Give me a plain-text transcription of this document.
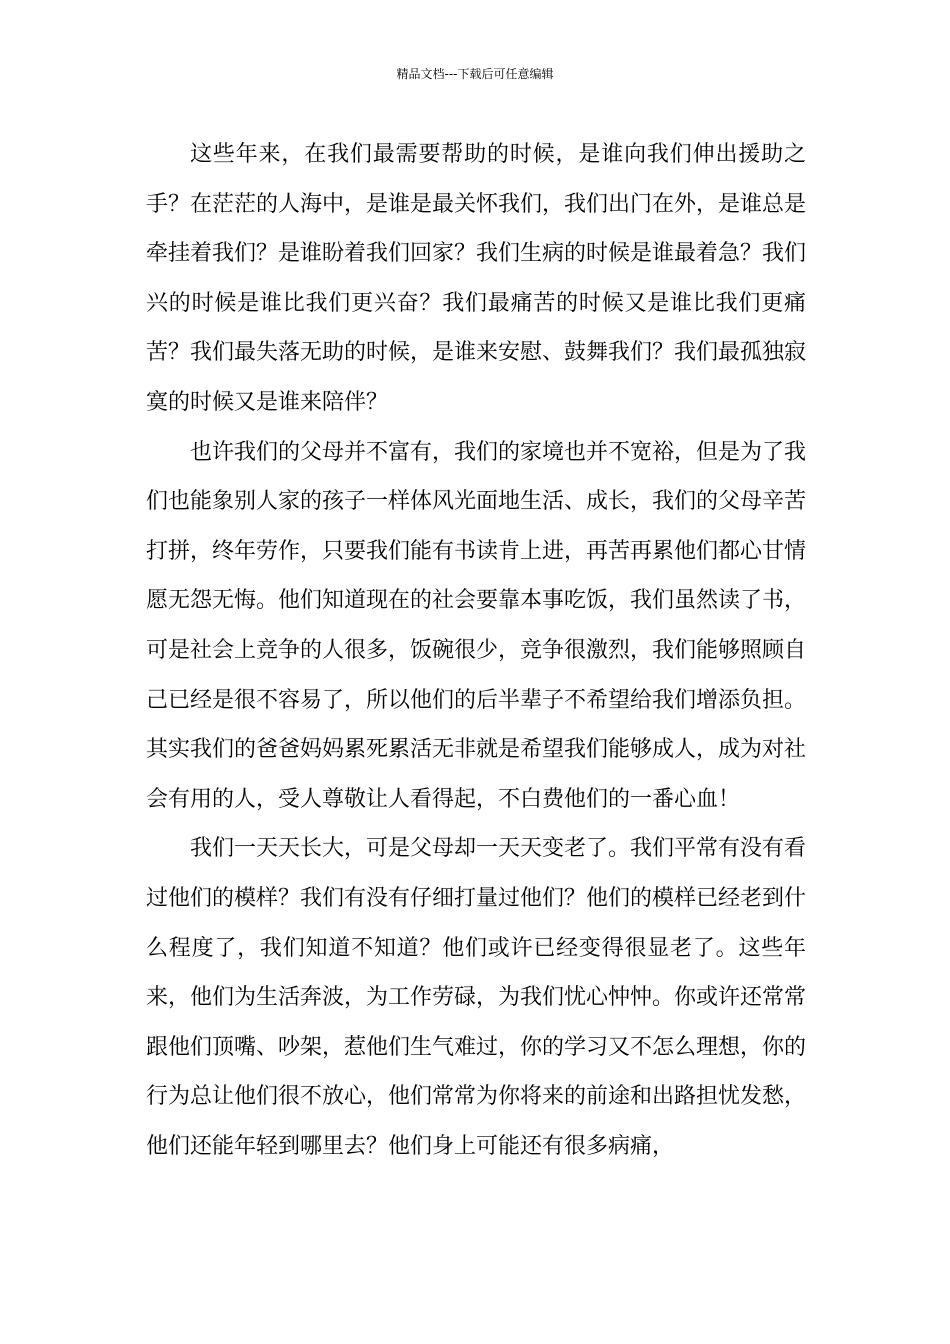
精品文档---下载后可任意编辑

这些年来，在我们最需要帮助的时候，是谁向我们伸出援助之手？在茫茫的人海中，是谁是最关怀我们，我们出门在外，是谁总是牵挂着我们？是谁盼着我们回家？我们生病的时候是谁最着急？我们兴的时候是谁比我们更兴奋？我们最痛苦的时候又是谁比我们更痛苦？我们最失落无助的时候，是谁来安慰、鼓舞我们？我们最孤独寂寞的时候又是谁来陪伴？

也许我们的父母并不富有，我们的家境也并不宽裕，但是为了我们也能象别人家的孩子一样体风光面地生活、成长，我们的父母辛苦打拼，终年劳作，只要我们能有书读肯上进，再苦再累他们都心甘情愿无怨无悔。他们知道现在的社会要靠本事吃饭，我们虽然读了书，可是社会上竞争的人很多，饭碗很少，竞争很激烈，我们能够照顾自己已经是很不容易了，所以他们的后半辈子不希望给我们增添负担。其实我们的爸爸妈妈累死累活无非就是希望我们能够成人，成为对社会有用的人，受人尊敬让人看得起，不白费他们的一番心血！

我们一天天长大，可是父母却一天天变老了。我们平常有没有看过他们的模样？我们有没有仔细打量过他们？他们的模样已经老到什么程度了，我们知道不知道？他们或许已经变得很显老了。这些年来，他们为生活奔波，为工作劳碌，为我们忧心忡忡。你或许还常常跟他们顶嘴、吵架，惹他们生气难过，你的学习又不怎么理想，你的行为总让他们很不放心，他们常常为你将来的前途和出路担忧发愁，他们还能年轻到哪里去？他们身上可能还有很多病痛，
